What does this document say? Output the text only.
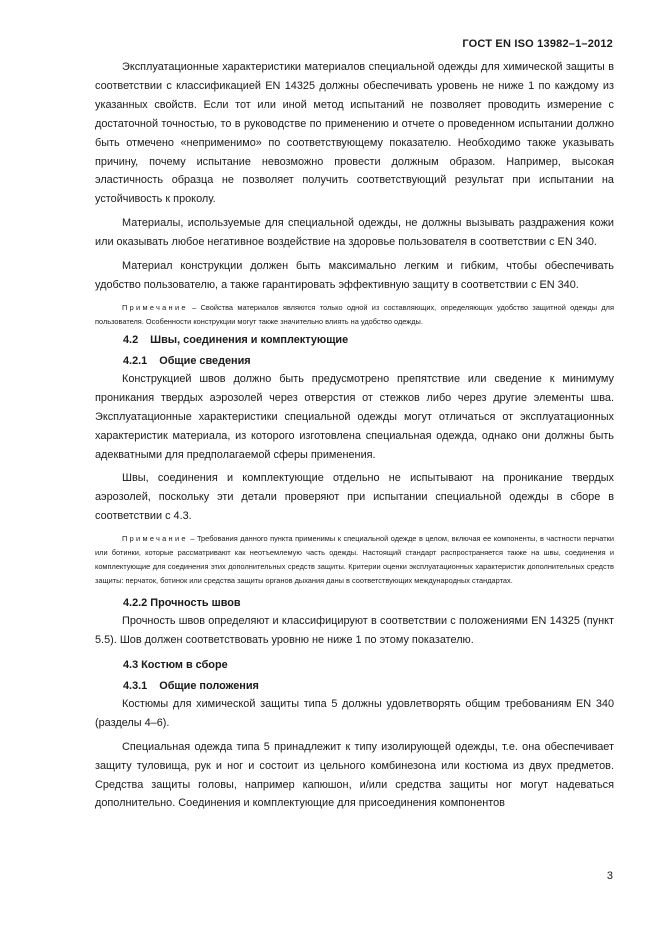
ГОСТ EN ISO 13982–1–2012

Эксплуатационные характеристики материалов специальной одежды для химической защиты в соответствии с классификацией EN 14325 должны обеспечивать уровень не ниже 1 по каждому из указанных свойств. Если тот или иной метод испытаний не позволяет проводить измерение с достаточной точностью, то в руководстве по применению и отчете о проведенном испытании должно быть отмечено «неприменимо» по соответствующему показателю. Необходимо также указывать причину, почему испытание невозможно провести должным образом. Например, высокая эластичность образца не позволяет получить соответствующий результат при испытании на устойчивость к проколу.

Материалы, используемые для специальной одежды, не должны вызывать раздражения кожи или оказывать любое негативное воздействие на здоровье пользователя в соответствии с EN 340.

Материал конструкции должен быть максимально легким и гибким, чтобы обеспечивать удобство пользователю, а также гарантировать эффективную защиту в соответствии с EN 340.

Примечание – Свойства материалов являются только одной из составляющих, определяющих удобство защитной одежды для пользователя. Особенности конструкции могут также значительно влиять на удобство одежды.
4.2 Швы, соединения и комплектующие
4.2.1 Общие сведения

Конструкцией швов должно быть предусмотрено препятствие или сведение к минимуму проникания твердых аэрозолей через отверстия от стежков либо через другие элементы шва. Эксплуатационные характеристики специальной одежды могут отличаться от эксплуатационных характеристик материала, из которого изготовлена специальная одежда, однако они должны быть адекватными для предполагаемой сферы применения.

Швы, соединения и комплектующие отдельно не испытывают на проникание твердых аэрозолей, поскольку эти детали проверяют при испытании специальной одежды в сборе в соответствии с 4.3.

Примечание – Требования данного пункта применимы к специальной одежде в целом, включая ее компоненты, в частности перчатки или ботинки, которые рассматривают как неотъемлемую часть одежды. Настоящий стандарт распространяется также на швы, соединения и комплектующие для соединения этих дополнительных средств защиты. Критерии оценки эксплуатационных характеристик дополнительных средств защиты: перчаток, ботинок или средства защиты органов дыхания даны в соответствующих международных стандартах.
4.2.2 Прочность швов

Прочность швов определяют и классифицируют в соответствии с положениями EN 14325 (пункт 5.5). Шов должен соответствовать уровню не ниже 1 по этому показателю.

4.3 Костюм в сборе
4.3.1 Общие положения

Костюмы для химической защиты типа 5 должны удовлетворять общим требованиям EN 340 (разделы 4–6).

Специальная одежда типа 5 принадлежит к типу изолирующей одежды, т.е. она обеспечивает защиту туловища, рук и ног и состоит из цельного комбинезона или костюма из двух предметов. Средства защиты головы, например капюшон, и/или средства защиты ног могут надеваться дополнительно. Соединения и комплектующие для присоединения компонентов

3
